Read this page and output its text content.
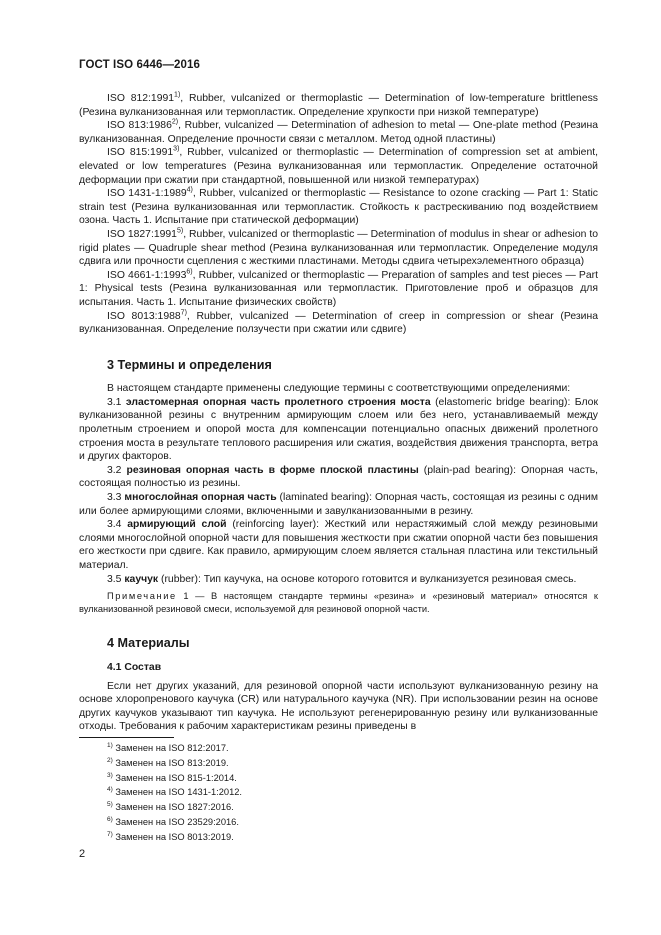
ГОСТ ISO 6446—2016

ISO 812:1991$^{1)}$, Rubber, vulcanized or thermoplastic — Determination of low-temperature brittleness (Резина вулканизованная или термопластик. Определение хрупкости при низкой температуре)

ISO 813:1986$^{2)}$, Rubber, vulcanized — Determination of adhesion to metal — One-plate method (Резина вулканизованная. Определение прочности связи с металлом. Метод одной пластины)

ISO 815:1991$^{3)}$, Rubber, vulcanized or thermoplastic — Determination of compression set at ambient, elevated or low temperatures (Резина вулканизованная или термопластик. Определение остаточной деформации при сжатии при стандартной, повышенной или низкой температурах)

ISO 1431-1:1989$^{4)}$, Rubber, vulcanized or thermoplastic — Resistance to ozone cracking — Part 1: Static strain test (Резина вулканизованная или термопластик. Стойкость к растрескиванию под воздействием озона. Часть 1. Испытание при статической деформации)

ISO 1827:1991$^{5)}$, Rubber, vulcanized or thermoplastic — Determination of modulus in shear or adhesion to rigid plates — Quadruple shear method (Резина вулканизованная или термопластик. Определение модуля сдвига или прочности сцепления с жесткими пластинами. Методы сдвига четырехэлементного образца)

ISO 4661-1:1993$^{6)}$, Rubber, vulcanized or thermoplastic — Preparation of samples and test pieces — Part 1: Physical tests (Резина вулканизованная или термопластик. Приготовление проб и образцов для испытания. Часть 1. Испытание физических свойств)

ISO 8013:1988$^{7)}$, Rubber, vulcanized — Determination of creep in compression or shear (Резина вулканизованная. Определение ползучести при сжатии или сдвиге)

3 Термины и определения

В настоящем стандарте применены следующие термины с соответствующими определениями:

3.1 эластомерная опорная часть пролетного строения моста (elastomeric bridge bearing): Блок вулканизованной резины с внутренним армирующим слоем или без него, устанавливаемый между пролетным строением и опорой моста для компенсации потенциально опасных движений пролетного строения моста в результате теплового расширения или сжатия, воздействия движения транспорта, ветра и других факторов.

3.2 резиновая опорная часть в форме плоской пластины (plain-pad bearing): Опорная часть, состоящая полностью из резины.

3.3 многослойная опорная часть (laminated bearing): Опорная часть, состоящая из резины с одним или более армирующими слоями, включенными и завулканизованными в резину.

3.4 армирующий слой (reinforcing layer): Жесткий или нерастяжимый слой между резиновыми слоями многослойной опорной части для повышения жесткости при сжатии опорной части без повышения его жесткости при сдвиге. Как правило, армирующим слоем является стальная пластина или текстильный материал.

3.5 каучук (rubber): Тип каучука, на основе которого готовится и вулканизуется резиновая смесь.

Примечание 1 — В настоящем стандарте термины «резина» и «резиновый материал» относятся к вулканизованной резиновой смеси, используемой для резиновой опорной части.

4 Материалы
4.1 Состав

Если нет других указаний, для резиновой опорной части используют вулканизованную резину на основе хлоропренового каучука (CR) или натурального каучука (NR). При использовании резин на основе других каучуков указывают тип каучука. Не используют регенерированную резину или вулканизованные отходы. Требования к рабочим характеристикам резины приведены в

$^{1)}$ Заменен на ISO 812:2017.
$^{2)}$ Заменен на ISO 813:2019.
$^{3)}$ Заменен на ISO 815-1:2014.
$^{4)}$ Заменен на ISO 1431-1:2012.
$^{5)}$ Заменен на ISO 1827:2016.
$^{6)}$ Заменен на ISO 23529:2016.
$^{7)}$ Заменен на ISO 8013:2019.
2
